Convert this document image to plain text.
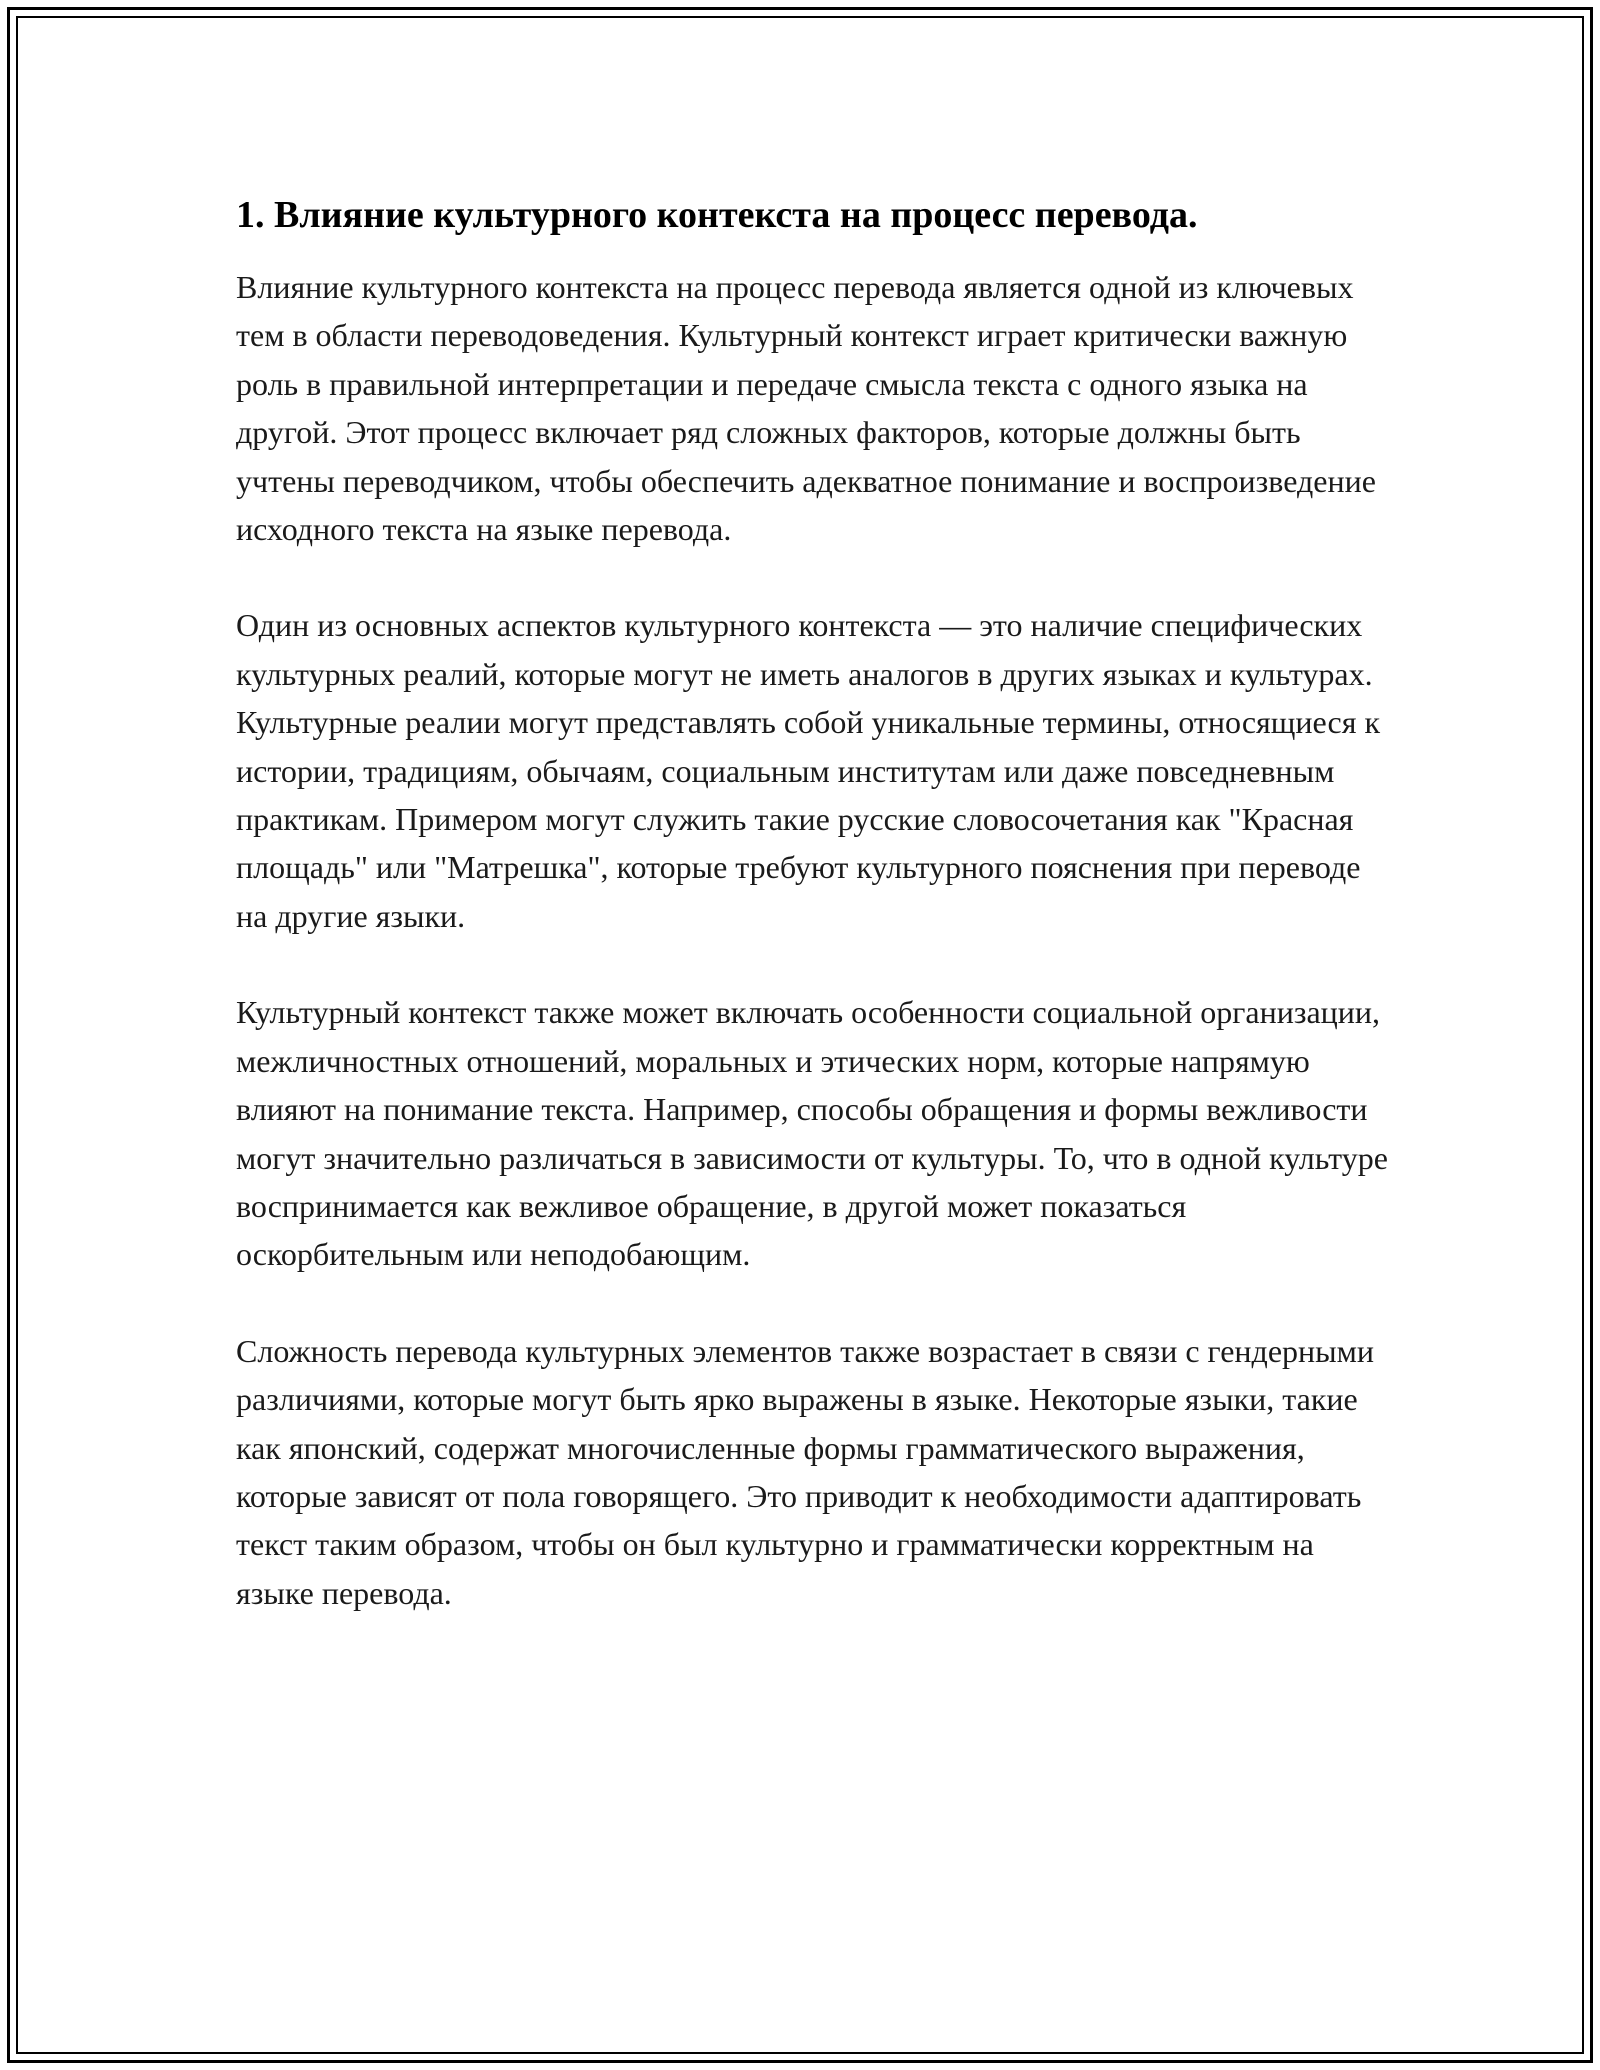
1. Влияние культурного контекста на процесс перевода.

Влияние культурного контекста на процесс перевода является одной из ключевых тем в области переводоведения. Культурный контекст играет критически важную роль в правильной интерпретации и передаче смысла текста с одного языка на другой. Этот процесс включает ряд сложных факторов, которые должны быть учтены переводчиком, чтобы обеспечить адекватное понимание и воспроизведение исходного текста на языке перевода.

Один из основных аспектов культурного контекста — это наличие специфических культурных реалий, которые могут не иметь аналогов в других языках и культурах. Культурные реалии могут представлять собой уникальные термины, относящиеся к истории, традициям, обычаям, социальным институтам или даже повседневным практикам. Примером могут служить такие русские словосочетания как "Красная площадь" или "Матрешка", которые требуют культурного пояснения при переводе на другие языки.

Культурный контекст также может включать особенности социальной организации, межличностных отношений, моральных и этических норм, которые напрямую влияют на понимание текста. Например, способы обращения и формы вежливости могут значительно различаться в зависимости от культуры. То, что в одной культуре воспринимается как вежливое обращение, в другой может показаться оскорбительным или неподобающим.

Сложность перевода культурных элементов также возрастает в связи с гендерными различиями, которые могут быть ярко выражены в языке. Некоторые языки, такие как японский, содержат многочисленные формы грамматического выражения, которые зависят от пола говорящего. Это приводит к необходимости адаптировать текст таким образом, чтобы он был культурно и грамматически корректным на языке перевода.
